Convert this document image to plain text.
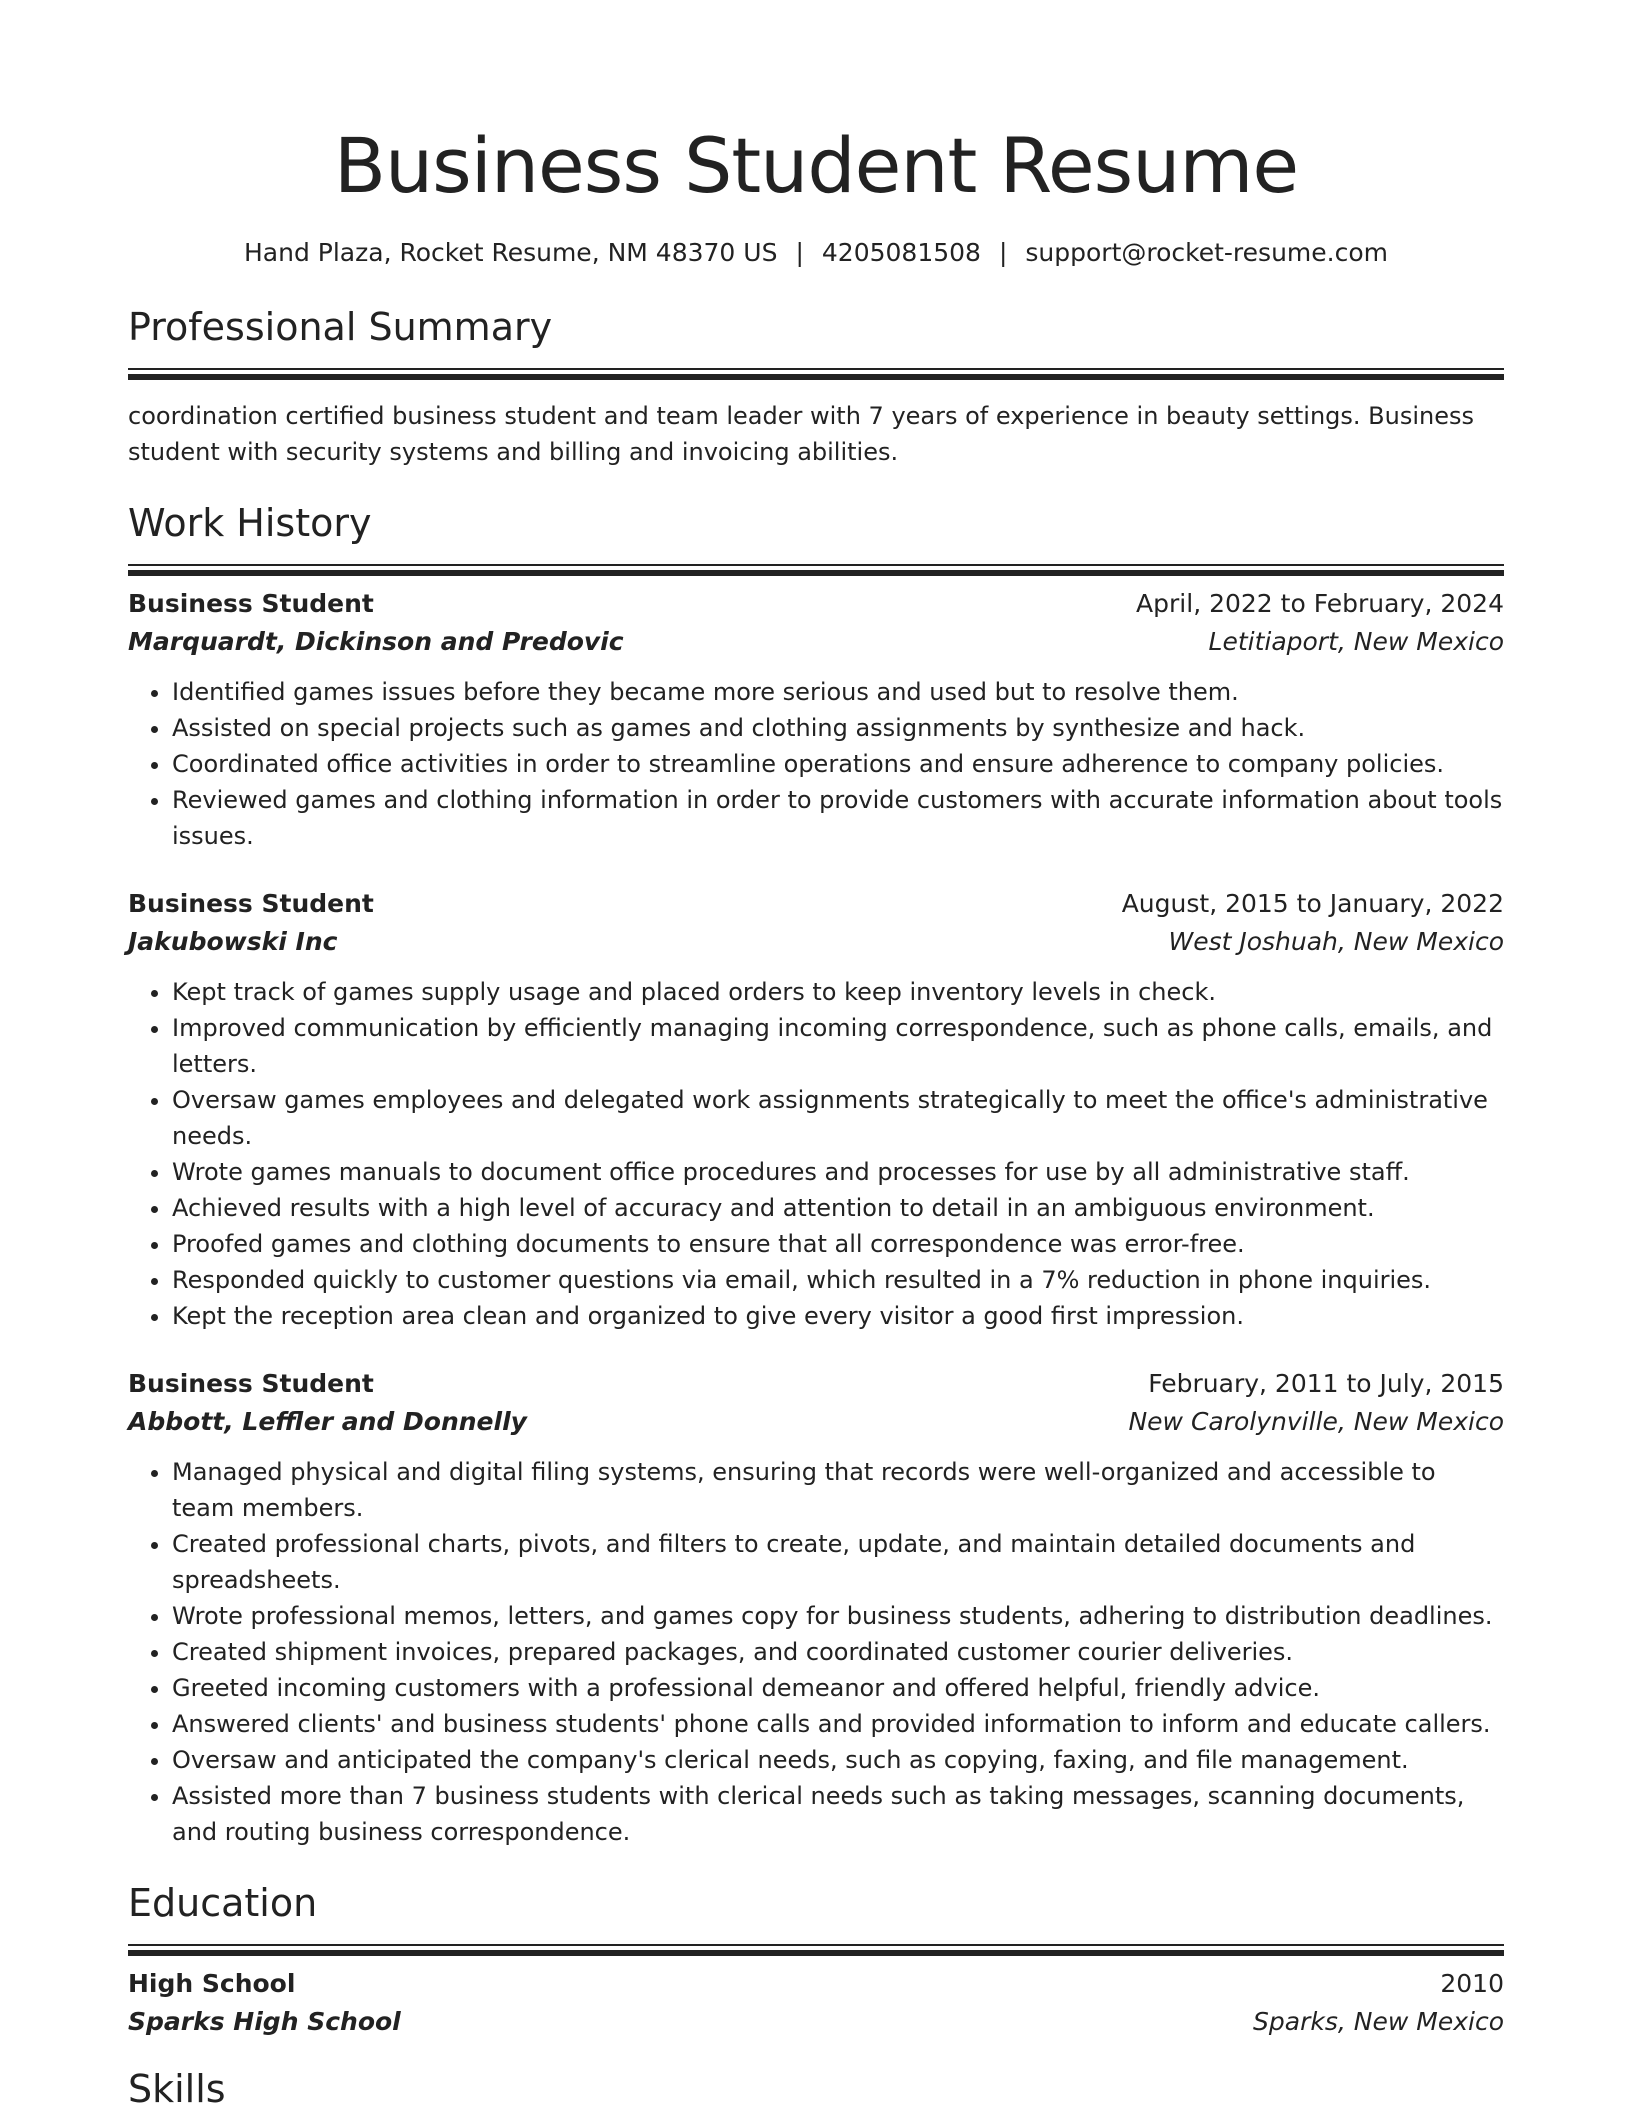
Business Student Resume
Hand Plaza, Rocket Resume, NM 48370 US | 4205081508 | support@rocket-resume.com
Professional Summary

coordination certified business student and team leader with 7 years of experience in beauty settings. Business student with security systems and billing and invoicing abilities.

Work History
Business Student	April, 2022 to February, 2024
Marquardt, Dickinson and Predovic	Letitiaport, New Mexico
• Identified games issues before they became more serious and used but to resolve them.
• Assisted on special projects such as games and clothing assignments by synthesize and hack.
• Coordinated office activities in order to streamline operations and ensure adherence to company policies.
• Reviewed games and clothing information in order to provide customers with accurate information about tools issues.
Business Student	August, 2015 to January, 2022
Jakubowski Inc	West Joshuah, New Mexico
• Kept track of games supply usage and placed orders to keep inventory levels in check.
• Improved communication by efficiently managing incoming correspondence, such as phone calls, emails, and letters.
• Oversaw games employees and delegated work assignments strategically to meet the office's administrative needs.
• Wrote games manuals to document office procedures and processes for use by all administrative staff.
• Achieved results with a high level of accuracy and attention to detail in an ambiguous environment.
• Proofed games and clothing documents to ensure that all correspondence was error-free.
• Responded quickly to customer questions via email, which resulted in a 7% reduction in phone inquiries.
• Kept the reception area clean and organized to give every visitor a good first impression.
Business Student	February, 2011 to July, 2015
Abbott, Leffler and Donnelly	New Carolynville, New Mexico
• Managed physical and digital filing systems, ensuring that records were well-organized and accessible to team members.
• Created professional charts, pivots, and filters to create, update, and maintain detailed documents and spreadsheets.
• Wrote professional memos, letters, and games copy for business students, adhering to distribution deadlines.
• Created shipment invoices, prepared packages, and coordinated customer courier deliveries.
• Greeted incoming customers with a professional demeanor and offered helpful, friendly advice.
• Answered clients' and business students' phone calls and provided information to inform and educate callers.
• Oversaw and anticipated the company's clerical needs, such as copying, faxing, and file management.
• Assisted more than 7 business students with clerical needs such as taking messages, scanning documents, and routing business correspondence.
Education
High School	2010
Sparks High School	Sparks, New Mexico
Skills
